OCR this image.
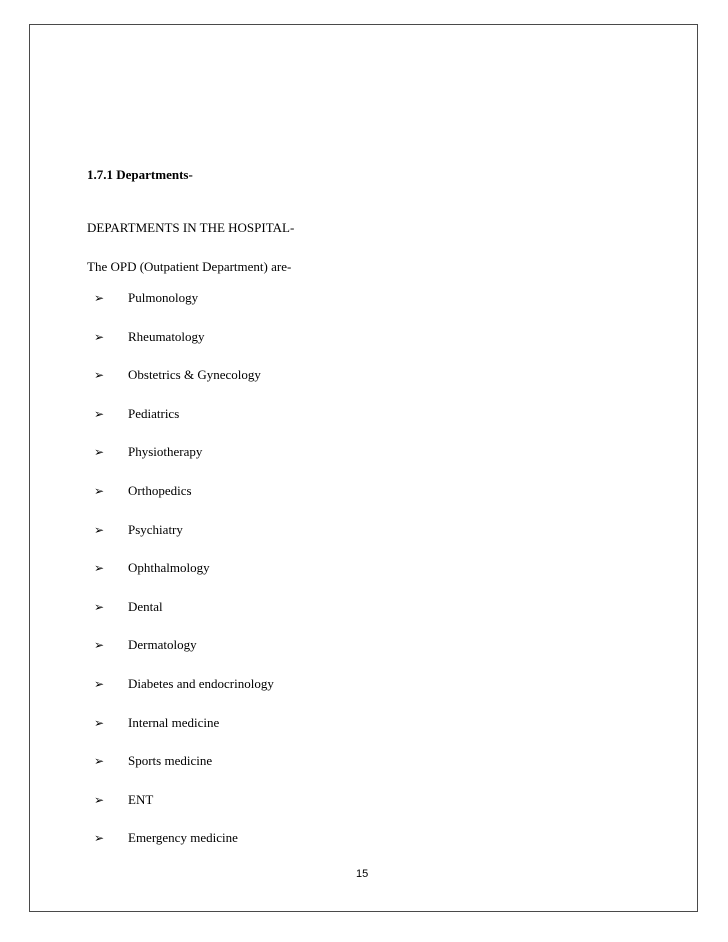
1.7.1 Departments-
DEPARTMENTS IN THE HOSPITAL-
The OPD (Outpatient Department) are-
➢	Pulmonology
➢	Rheumatology
➢	Obstetrics & Gynecology
➢	Pediatrics
➢	Physiotherapy
➢	Orthopedics
➢	Psychiatry
➢	Ophthalmology
➢	Dental
➢	Dermatology
➢	Diabetes and endocrinology
➢	Internal medicine
➢	Sports medicine
➢	ENT
➢	Emergency medicine
15
